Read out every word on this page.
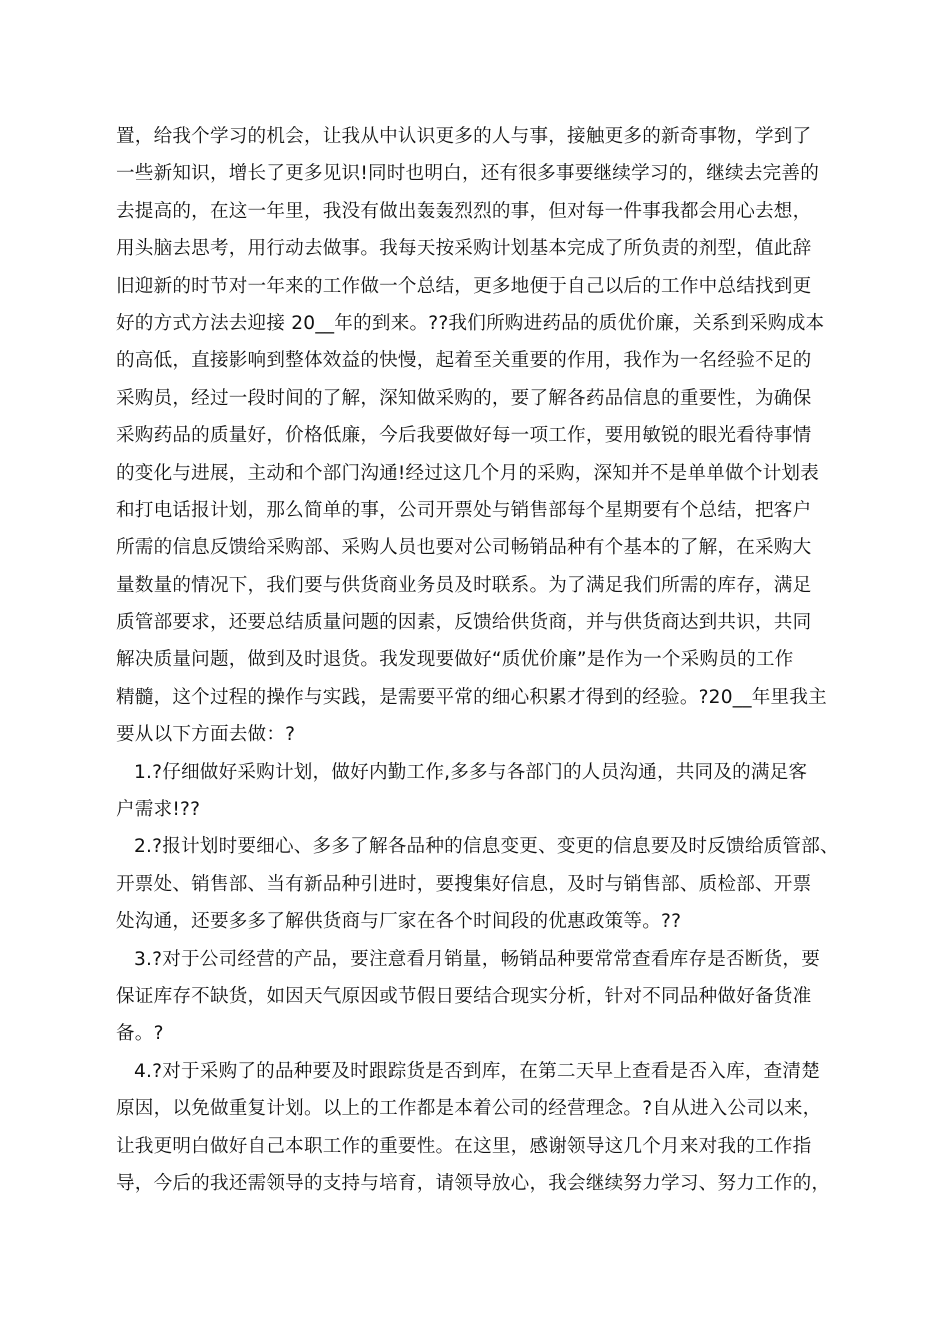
置，给我个学习的机会，让我从中认识更多的人与事，接触更多的新奇事物，学到了
一些新知识，增长了更多见识!同时也明白，还有很多事要继续学习的，继续去完善的
去提高的，在这一年里，我没有做出轰轰烈烈的事，但对每一件事我都会用心去想，
用头脑去思考，用行动去做事。我每天按采购计划基本完成了所负责的剂型，值此辞
旧迎新的时节对一年来的工作做一个总结，更多地便于自己以后的工作中总结找到更
好的方式方法去迎接 20__年的到来。??我们所购进药品的质优价廉，关系到采购成本
的高低，直接影响到整体效益的快慢，起着至关重要的作用，我作为一名经验不足的
采购员，经过一段时间的了解，深知做采购的，要了解各药品信息的重要性，为确保
采购药品的质量好，价格低廉，今后我要做好每一项工作，要用敏锐的眼光看待事情
的变化与进展，主动和个部门沟通!经过这几个月的采购，深知并不是单单做个计划表
和打电话报计划，那么简单的事，公司开票处与销售部每个星期要有个总结，把客户
所需的信息反馈给采购部、采购人员也要对公司畅销品种有个基本的了解，在采购大
量数量的情况下，我们要与供货商业务员及时联系。为了满足我们所需的库存，满足
质管部要求，还要总结质量问题的因素，反馈给供货商，并与供货商达到共识，共同
解决质量问题，做到及时退货。我发现要做好“质优价廉”是作为一个采购员的工作
精髓，这个过程的操作与实践，是需要平常的细心积累才得到的经验。?20__年里我主
要从以下方面去做：?
1.?仔细做好采购计划，做好内勤工作,多多与各部门的人员沟通，共同及的满足客
户需求!??
2.?报计划时要细心、多多了解各品种的信息变更、变更的信息要及时反馈给质管部、
开票处、销售部、当有新品种引进时，要搜集好信息，及时与销售部、质检部、开票
处沟通，还要多多了解供货商与厂家在各个时间段的优惠政策等。??
3.?对于公司经营的产品，要注意看月销量，畅销品种要常常查看库存是否断货，要
保证库存不缺货，如因天气原因或节假日要结合现实分析，针对不同品种做好备货准
备。?
4.?对于采购了的品种要及时跟踪货是否到库，在第二天早上查看是否入库，查清楚
原因，以免做重复计划。以上的工作都是本着公司的经营理念。?自从进入公司以来，
让我更明白做好自己本职工作的重要性。在这里，感谢领导这几个月来对我的工作指
导，今后的我还需领导的支持与培育，请领导放心，我会继续努力学习、努力工作的，
